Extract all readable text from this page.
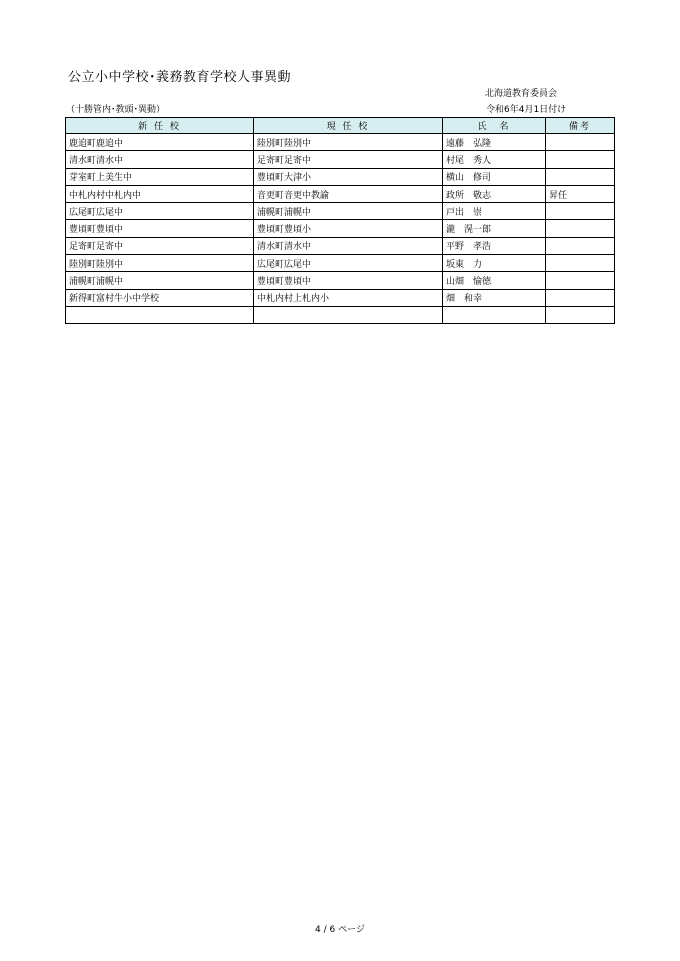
公立小中学校･義務教育学校人事異動
北海道教育委員会
（十勝管内･教頭･異動）	令和6年4月1日付け
新 任 校	現 任 校	氏　名	備考
鹿追町鹿追中	陸別町陸別中	遠藤　弘隆	
清水町清水中	足寄町足寄中	村尾　秀人	
芽室町上美生中	豊頃町大津小	横山　修司	
中札内村中札内中	音更町音更中教諭	政所　敬志	昇任
広尾町広尾中	浦幌町浦幌中	戸出　崇	
豊頃町豊頃中	豊頃町豊頃小	瀧　滉一郎	
足寄町足寄中	清水町清水中	平野　孝浩	
陸別町陸別中	広尾町広尾中	坂東　力	
浦幌町浦幌中	豊頃町豊頃中	山畑　愉徳	
新得町富村牛小中学校	中札内村上札内小	畑　和幸	

4 / 6 ページ
